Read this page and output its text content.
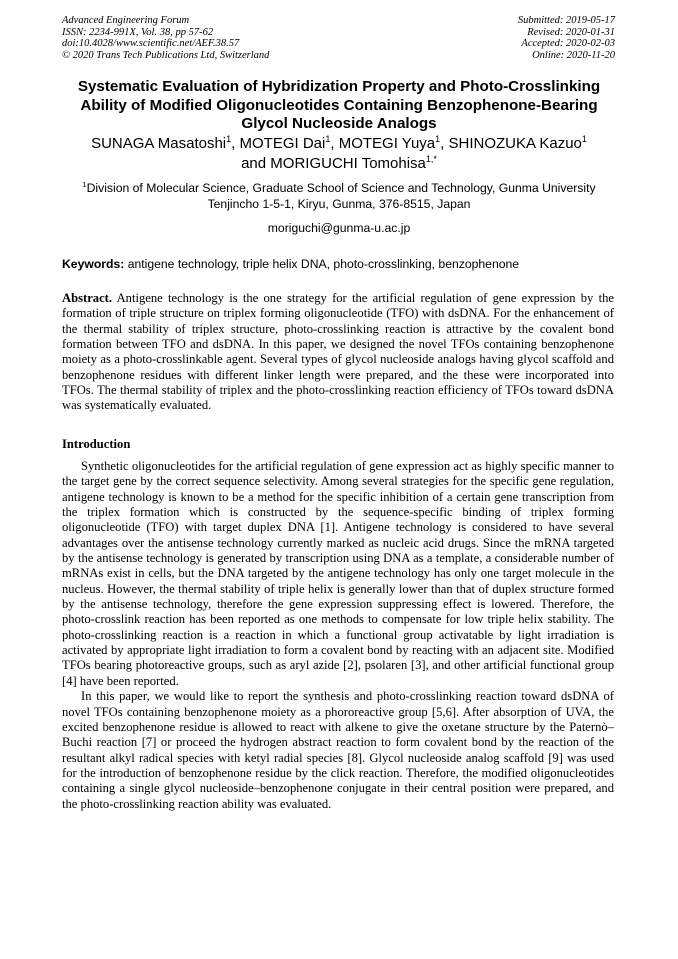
Advanced Engineering Forum
ISSN: 2234-991X, Vol. 38, pp 57-62
doi:10.4028/www.scientific.net/AEF.38.57
© 2020 Trans Tech Publications Ltd, Switzerland
Submitted: 2019-05-17
Revised: 2020-01-31
Accepted: 2020-02-03
Online: 2020-11-20
Systematic Evaluation of Hybridization Property and Photo-Crosslinking Ability of Modified Oligonucleotides Containing Benzophenone-Bearing Glycol Nucleoside Analogs
SUNAGA Masatoshi$^1$, MOTEGI Dai$^1$, MOTEGI Yuya$^1$, SHINOZUKA Kazuo$^1$
and MORIGUCHI Tomohisa$^{1,*}$
$^1$Division of Molecular Science, Graduate School of Science and Technology, Gunma University
Tenjincho 1-5-1, Kiryu, Gunma, 376-8515, Japan
moriguchi@gunma-u.ac.jp
Keywords: antigene technology, triple helix DNA, photo-crosslinking, benzophenone

Abstract. Antigene technology is the one strategy for the artificial regulation of gene expression by the formation of triple structure on triplex forming oligonucleotide (TFO) with dsDNA. For the enhancement of the thermal stability of triplex structure, photo-crosslinking reaction is attractive by the covalent bond formation between TFO and dsDNA. In this paper, we designed the novel TFOs containing benzophenone moiety as a photo-crosslinkable agent. Several types of glycol nucleoside analogs having glycol scaffold and benzophenone residues with different linker length were prepared, and the these were incorporated into TFOs. The thermal stability of triplex and the photo-crosslinking reaction efficiency of TFOs toward dsDNA was systematically evaluated.

Introduction

Synthetic oligonucleotides for the artificial regulation of gene expression act as highly specific manner to the target gene by the correct sequence selectivity. Among several strategies for the specific gene regulation, antigene technology is known to be a method for the specific inhibition of a certain gene transcription from the triplex formation which is constructed by the sequence-specific binding of triplex forming oligonucleotide (TFO) with target duplex DNA [1]. Antigene technology is considered to have several advantages over the antisense technology currently marked as nucleic acid drugs. Since the mRNA targeted by the antisense technology is generated by transcription using DNA as a template, a considerable number of mRNAs exist in cells, but the DNA targeted by the antigene technology has only one target molecule in the nucleus. However, the thermal stability of triple helix is generally lower than that of duplex structure formed by the antisense technology, therefore the gene expression suppressing effect is lowered. Therefore, the photo-crosslink reaction has been reported as one methods to compensate for low triple helix stability. The photo-crosslinking reaction is a reaction in which a functional group activatable by light irradiation is activated by appropriate light irradiation to form a covalent bond by reacting with an adjacent site. Modified TFOs bearing photoreactive groups, such as aryl azide [2], psolaren [3], and other artificial functional group [4] have been reported.

In this paper, we would like to report the synthesis and photo-crosslinking reaction toward dsDNA of novel TFOs containing benzophenone moiety as a phororeactive group [5,6]. After absorption of UVA, the excited benzophenone residue is allowed to react with alkene to give the oxetane structure by the Paternò–Buchi reaction [7] or proceed the hydrogen abstract reaction to form covalent bond by the reaction of the resultant alkyl radical species with ketyl radial species [8]. Glycol nucleoside analog scaffold [9] was used for the introduction of benzophenone residue by the click reaction. Therefore, the modified oligonucleotides containing a single glycol nucleoside–benzophenone conjugate in their central position were prepared, and the photo-crosslinking reaction ability was evaluated.
